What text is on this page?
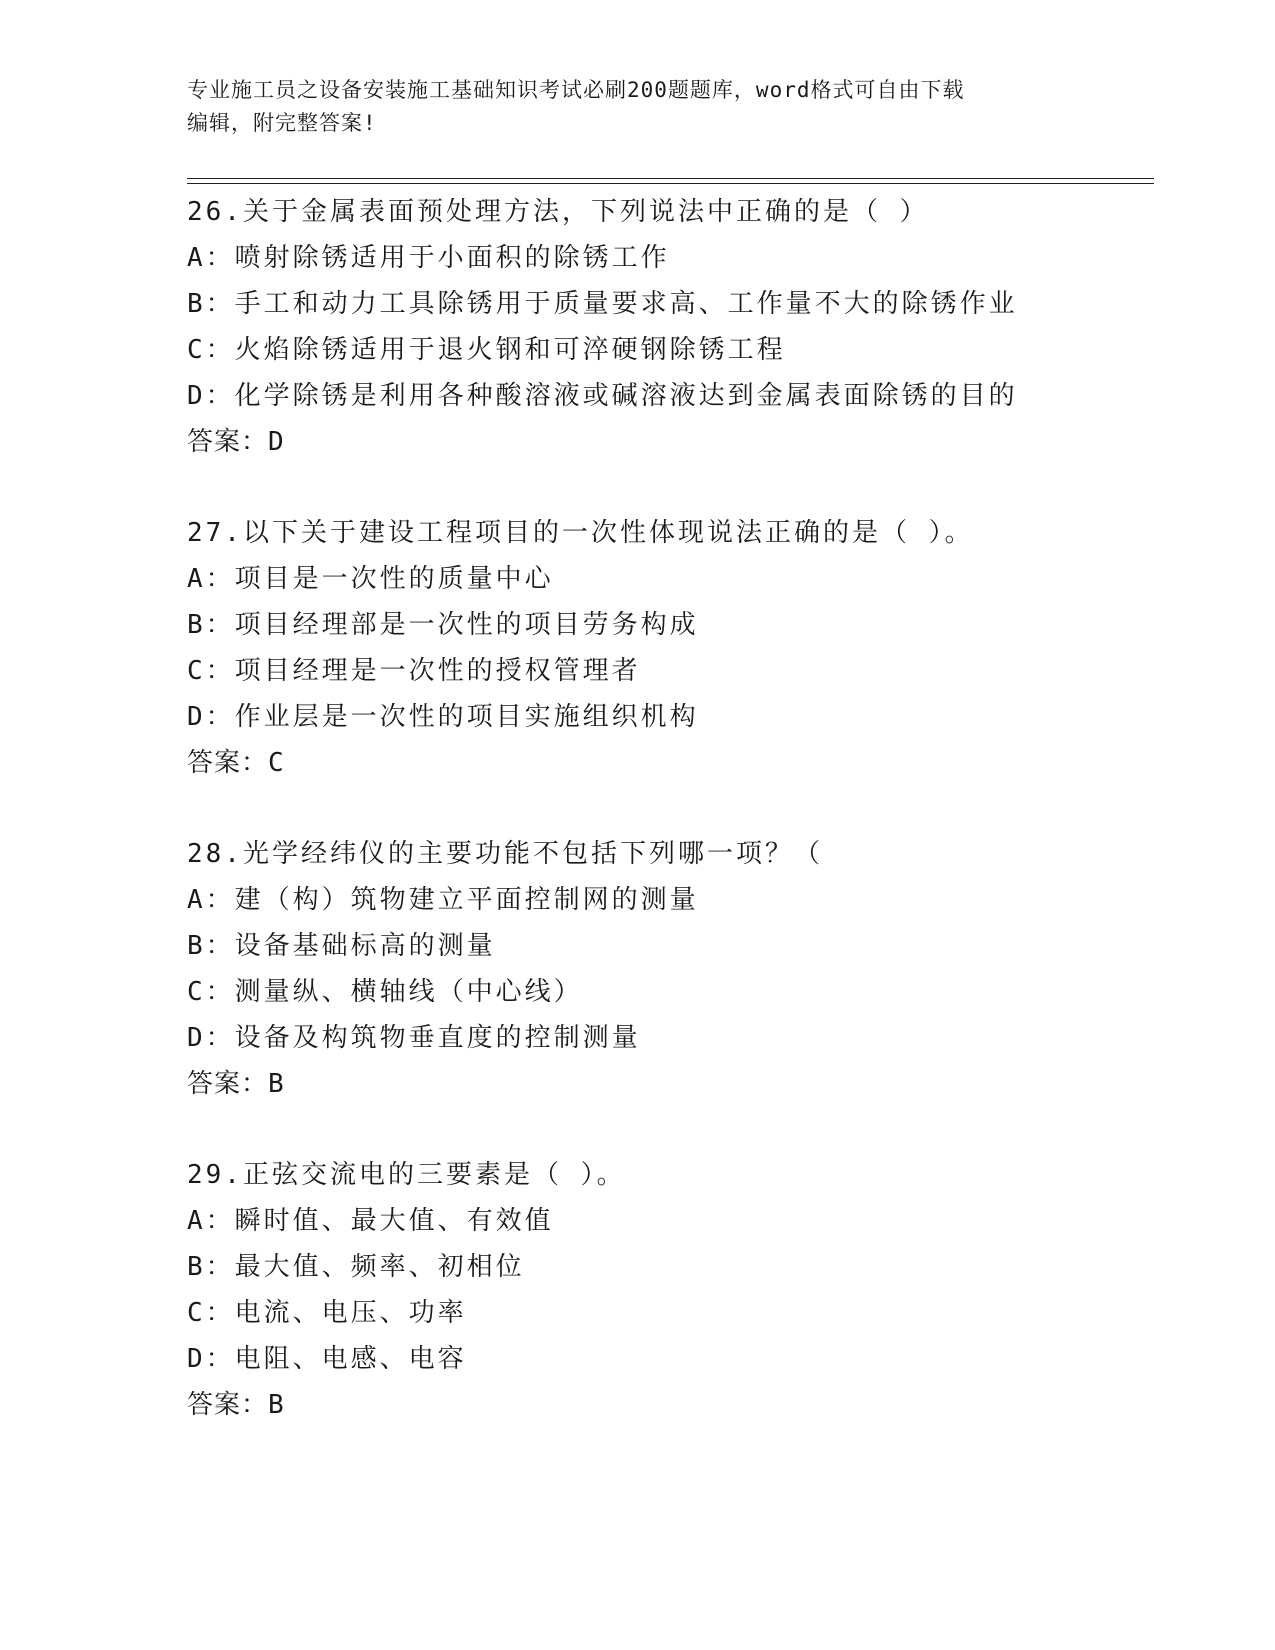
专业施工员之设备安装施工基础知识考试必刷200题题库，word格式可自由下载
编辑，附完整答案!
26.关于金属表面预处理方法，下列说法中正确的是（ ）
A：喷射除锈适用于小面积的除锈工作
B：手工和动力工具除锈用于质量要求高、工作量不大的除锈作业
C：火焰除锈适用于退火钢和可淬硬钢除锈工程
D：化学除锈是利用各种酸溶液或碱溶液达到金属表面除锈的目的
答案：D
27.以下关于建设工程项目的一次性体现说法正确的是（ ）。
A：项目是一次性的质量中心
B：项目经理部是一次性的项目劳务构成
C：项目经理是一次性的授权管理者
D：作业层是一次性的项目实施组织机构
答案：C
28.光学经纬仪的主要功能不包括下列哪一项？（
A：建（构）筑物建立平面控制网的测量
B：设备基础标高的测量
C：测量纵、横轴线（中心线）
D：设备及构筑物垂直度的控制测量
答案：B
29.正弦交流电的三要素是（ ）。
A：瞬时值、最大值、有效值
B：最大值、频率、初相位
C：电流、电压、功率
D：电阻、电感、电容
答案：B
